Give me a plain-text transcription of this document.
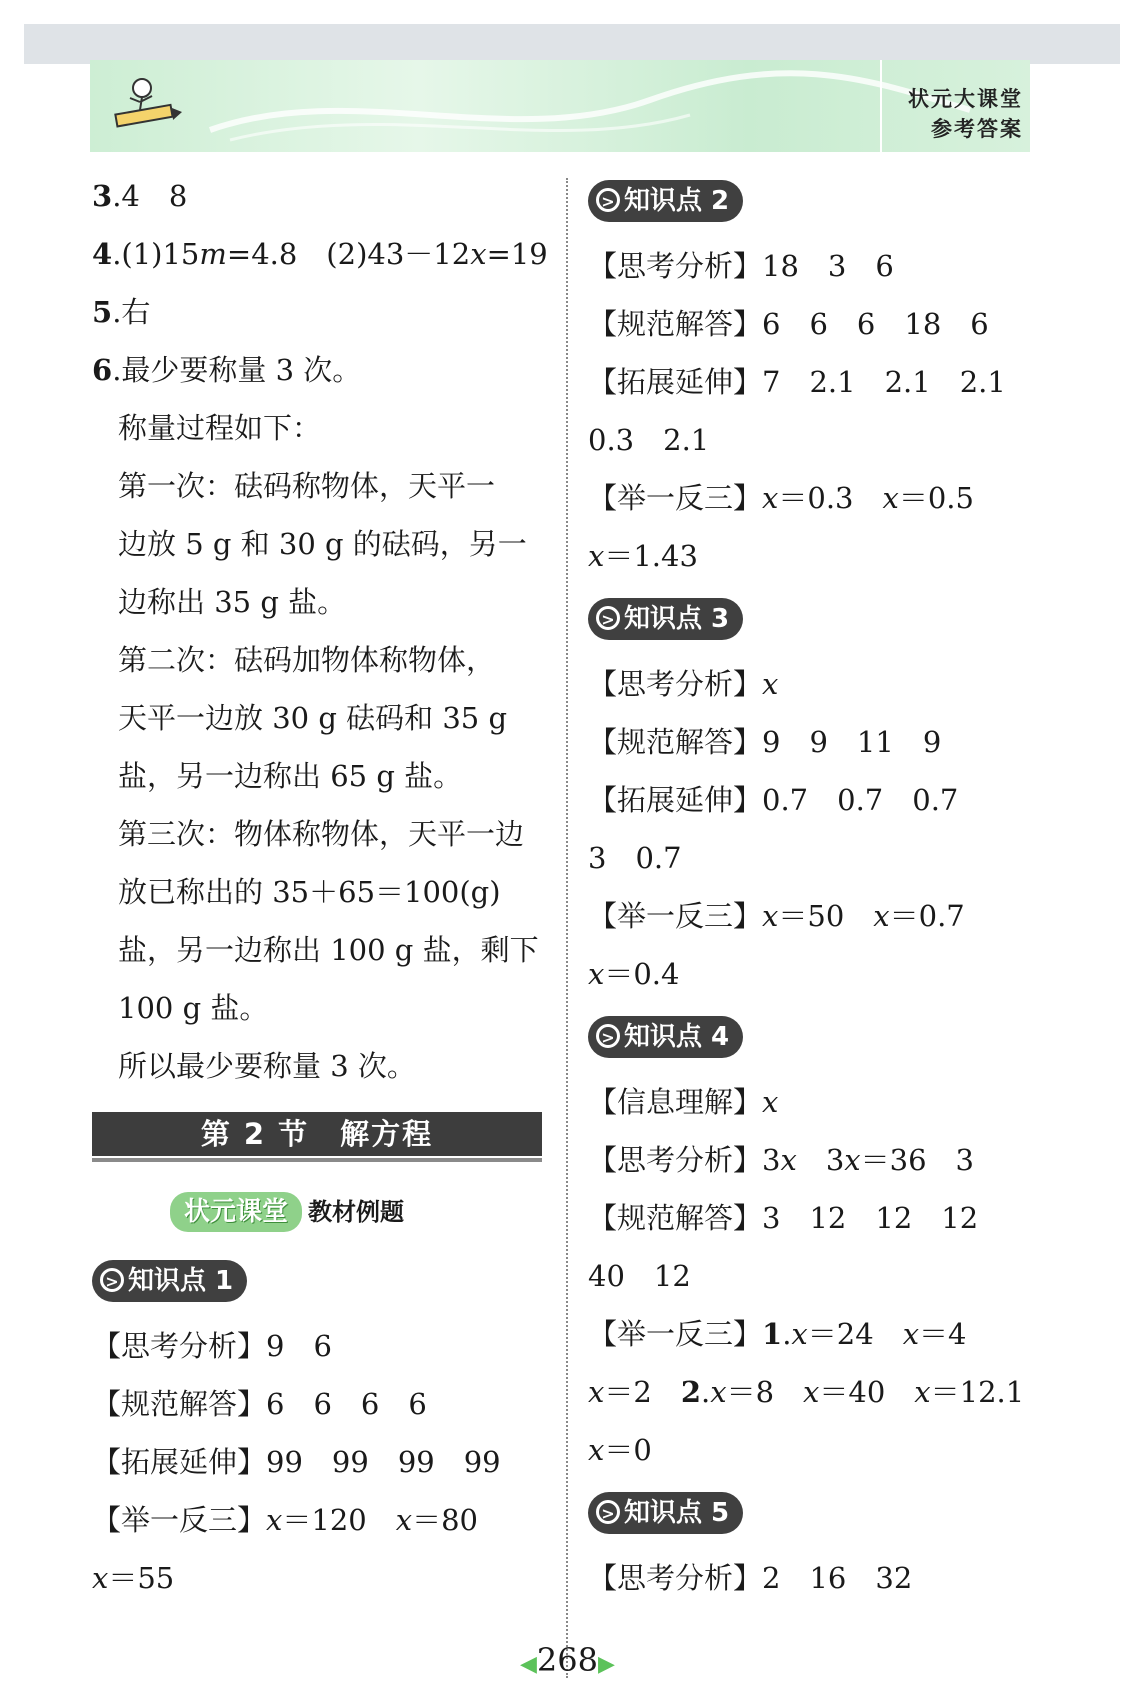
状元大课堂
参考答案
3.4　8
4.(1)15m=4.8　(2)43－12x=19
5.右
6.最少要称量 3 次。
称量过程如下：
第一次：砝码称物体，天平一
边放 5 g 和 30 g 的砝码，另一
边称出 35 g 盐。
第二次：砝码加物体称物体，
天平一边放 30 g 砝码和 35 g
盐，另一边称出 65 g 盐。
第三次：物体称物体，天平一边
放已称出的 35＋65＝100(g)
盐，另一边称出 100 g 盐，剩下
100 g 盐。
所以最少要称量 3 次。
第 2 节　解方程
状元课堂 教材例题
> 知识点 1
【思考分析】9　6
【规范解答】6　6　6　6
【拓展延伸】99　99　99　99
【举一反三】x＝120　x＝80
x＝55
> 知识点 2
【思考分析】18　3　6
【规范解答】6　6　6　18　6
【拓展延伸】7　2.1　2.1　2.1
0.3　2.1
【举一反三】x＝0.3　x＝0.5
x＝1.43
> 知识点 3
【思考分析】x
【规范解答】9　9　11　9
【拓展延伸】0.7　0.7　0.7
3　0.7
【举一反三】x＝50　x＝0.7
x＝0.4
> 知识点 4
【信息理解】x
【思考分析】3x　3x＝36　3
【规范解答】3　12　12　12
40　12
【举一反三】1.x＝24　x＝4
x＝2　2.x＝8　x＝40　x＝12.1
x＝0
> 知识点 5
【思考分析】2　16　32
◀268▶
